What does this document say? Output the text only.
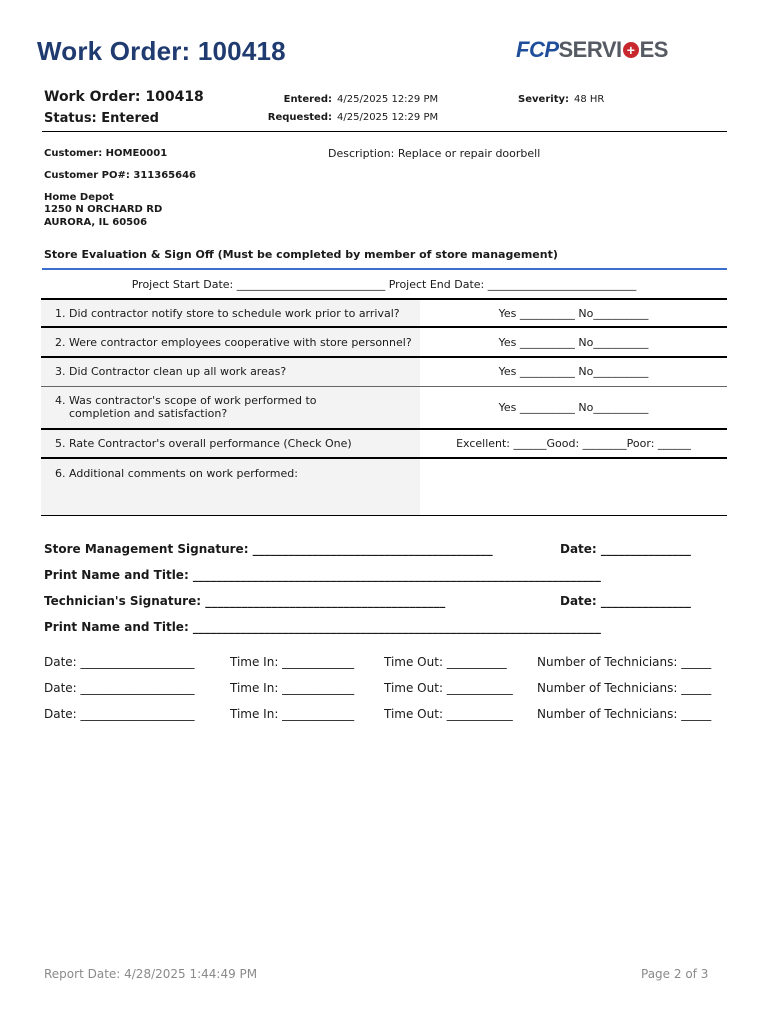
Work Order: 100418	FCPSERVI + ES
Work Order: 100418
Status: Entered
Entered: 4/25/2025 12:29 PM
Requested: 4/25/2025 12:29 PM
Severity: 48 HR
Customer: HOME0001	Description: Replace or repair doorbell
Customer PO#: 311365646
Home Depot
1250 N ORCHARD RD
AURORA, IL 60506
Store Evaluation & Sign Off (Must be completed by member of store management)
Project Start Date: ___________________________ Project End Date: ___________________________	

1. Did contractor notify store to schedule work prior to arrival?	Yes __________ No__________

2. Were contractor employees cooperative with store personnel?	Yes __________ No__________

3. Did Contractor clean up all work areas?	Yes __________ No__________

4. Was contractor's scope of work performed to completion and satisfaction?	Yes __________ No__________

5. Rate Contractor's overall performance (Check One)	Excellent: ______Good: ________Poor: ______

6. Additional comments on work performed:	

Store Management Signature: ________________________________________	Date: _______________
Print Name and Title: ____________________________________________________________________
Technician's Signature: ________________________________________	Date: _______________
Print Name and Title: ____________________________________________________________________
Date: ___________________	Time In: ____________ Time Out: __________	Number of Technicians: _____
Date: ___________________	Time In: ____________ Time Out: ___________ Number of Technicians: _____
Date: ___________________	Time In: ____________ Time Out: ___________ Number of Technicians: _____
Report Date: 4/28/2025 1:44:49 PM	Page 2 of 3
